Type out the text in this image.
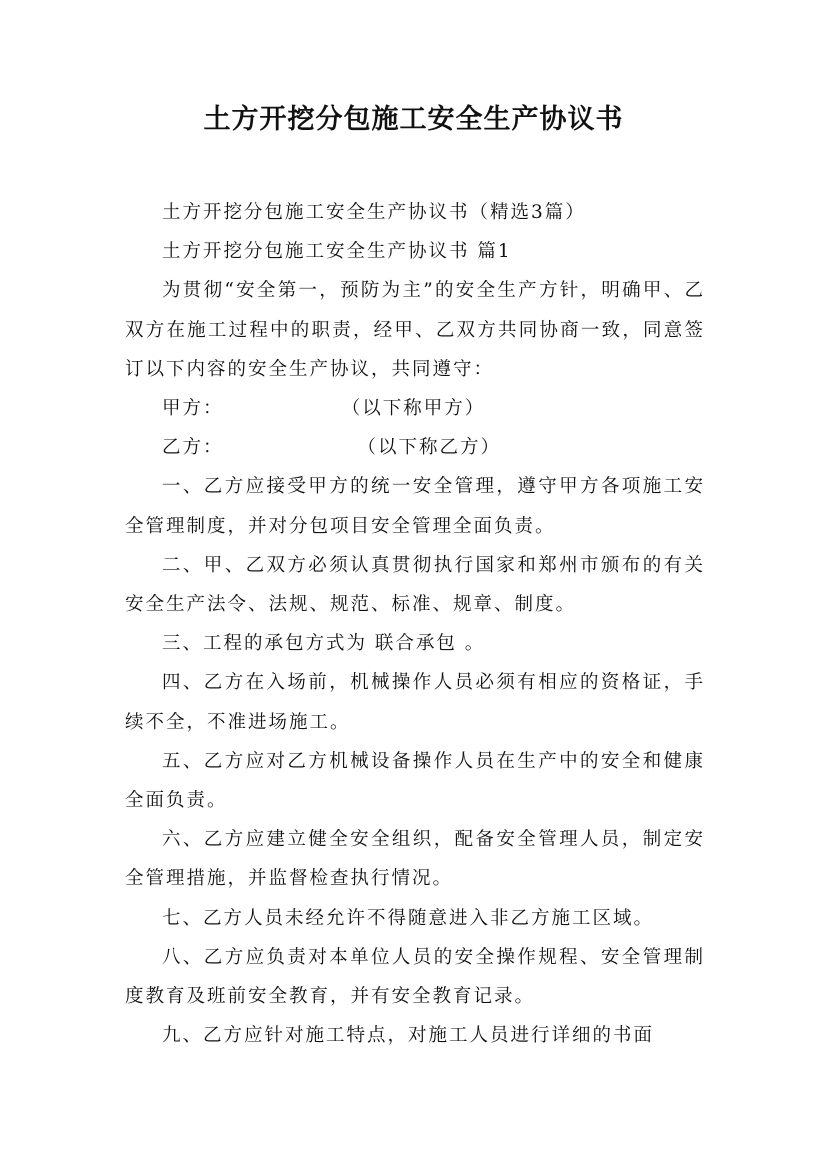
土方开挖分包施工安全生产协议书

土方开挖分包施工安全生产协议书（精选3篇）

土方开挖分包施工安全生产协议书 篇1

为贯彻“安全第一，预防为主”的安全生产方针，明确甲、乙双方在施工过程中的职责，经甲、乙双方共同协商一致，同意签订以下内容的安全生产协议，共同遵守：

甲方：               （以下称甲方）

乙方：                 （以下称乙方）

一、乙方应接受甲方的统一安全管理，遵守甲方各项施工安全管理制度，并对分包项目安全管理全面负责。

二、甲、乙双方必须认真贯彻执行国家和郑州市颁布的有关安全生产法令、法规、规范、标准、规章、制度。

三、工程的承包方式为 联合承包 。

四、乙方在入场前，机械操作人员必须有相应的资格证，手续不全，不准进场施工。

五、乙方应对乙方机械设备操作人员在生产中的安全和健康全面负责。

六、乙方应建立健全安全组织，配备安全管理人员，制定安全管理措施，并监督检查执行情况。

七、乙方人员未经允许不得随意进入非乙方施工区域。

八、乙方应负责对本单位人员的安全操作规程、安全管理制度教育及班前安全教育，并有安全教育记录。

九、乙方应针对施工特点，对施工人员进行详细的书面
